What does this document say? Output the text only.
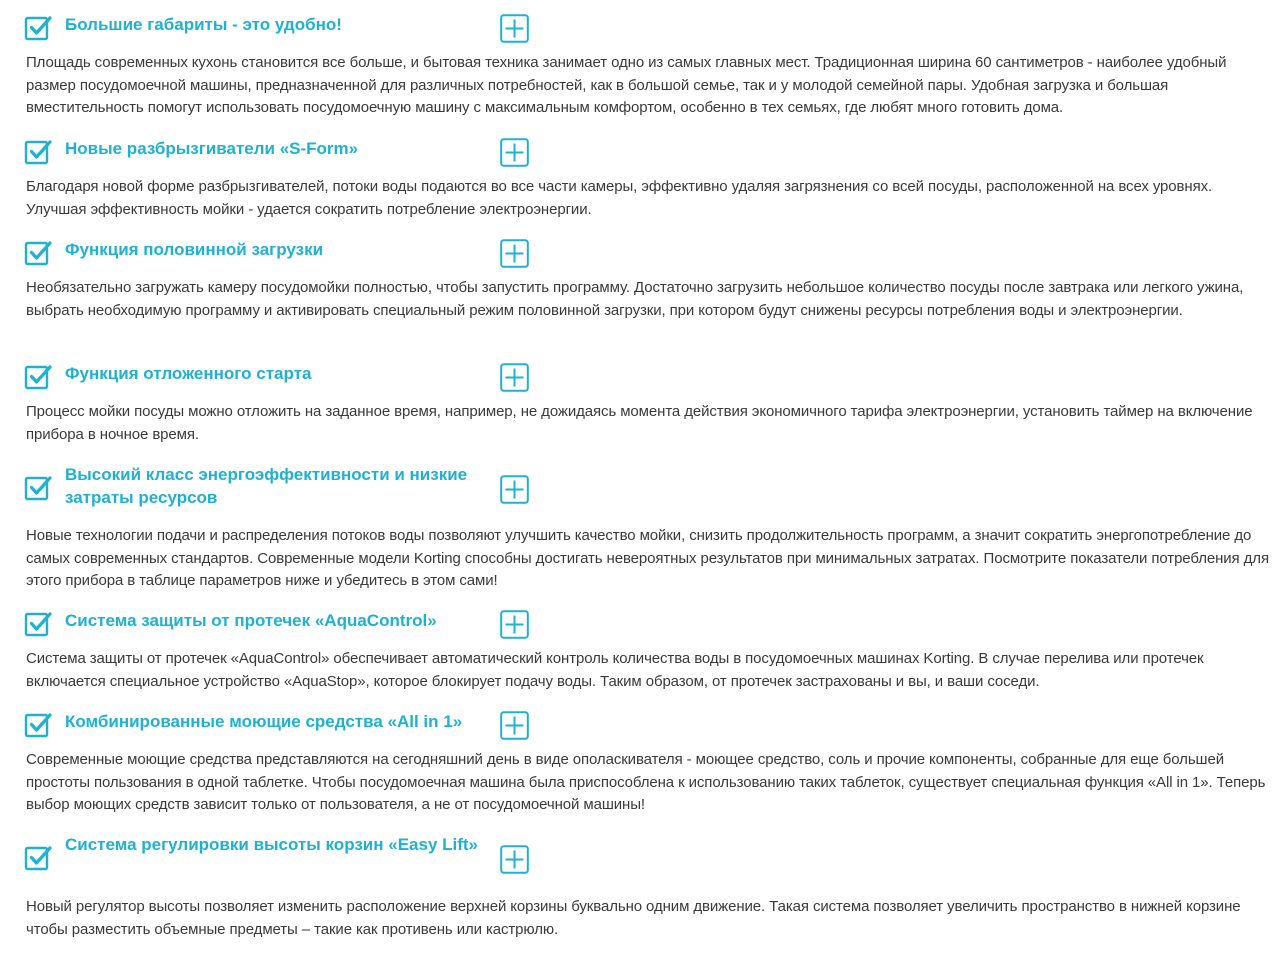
Большие габариты - это удобно!

Площадь современных кухонь становится все больше, и бытовая техника занимает одно из самых главных мест. Традиционная ширина 60 сантиметров - наиболее удобный размер посудомоечной машины, предназначенной для различных потребностей, как в большой семье, так и у молодой семейной пары. Удобная загрузка и большая вместительность помогут использовать посудомоечную машину с максимальным комфортом, особенно в тех семьях, где любят много готовить дома.

Новые разбрызгиватели «S-Form»

Благодаря новой форме разбрызгивателей, потоки воды подаются во все части камеры, эффективно удаляя загрязнения со всей посуды, расположенной на всех уровнях. Улучшая эффективность мойки - удается сократить потребление электроэнергии.

Функция половинной загрузки

Необязательно загружать камеру посудомойки полностью, чтобы запустить программу. Достаточно загрузить небольшое количество посуды после завтрака или легкого ужина, выбрать необходимую программу и активировать специальный режим половинной загрузки, при котором будут снижены ресурсы потребления воды и электроэнергии.

Функция отложенного старта

Процесс мойки посуды можно отложить на заданное время, например, не дожидаясь момента действия экономичного тарифа электроэнергии, установить таймер на включение прибора в ночное время.

Высокий класс энергоэффективности и низкие затраты ресурсов

Новые технологии подачи и распределения потоков воды позволяют улучшить качество мойки, снизить продолжительность программ, а значит сократить энергопотребление до самых современных стандартов. Современные модели Korting способны достигать невероятных результатов при минимальных затратах. Посмотрите показатели потребления для этого прибора в таблице параметров ниже и убедитесь в этом сами!

Система защиты от протечек «AquaControl»

Система защиты от протечек «AquaControl» обеспечивает автоматический контроль количества воды в посудомоечных машинах Korting. В случае перелива или протечек включается специальное устройство «AquaStop», которое блокирует подачу воды. Таким образом, от протечек застрахованы и вы, и ваши соседи.

Комбинированные моющие средства «All in 1»

Современные моющие средства представляются на сегодняшний день в виде ополаскивателя - моющее средство, соль и прочие компоненты, собранные для еще большей простоты пользования в одной таблетке. Чтобы посудомоечная машина была приспособлена к использованию таких таблеток, существует специальная функция «All in 1». Теперь выбор моющих средств зависит только от пользователя, а не от посудомоечной машины!

Система регулировки высоты корзин «Easy Lift»

Новый регулятор высоты позволяет изменить расположение верхней корзины буквально одним движение. Такая система позволяет увеличить пространство в нижней корзине чтобы разместить объемные предметы – такие как противень или кастрюлю.
